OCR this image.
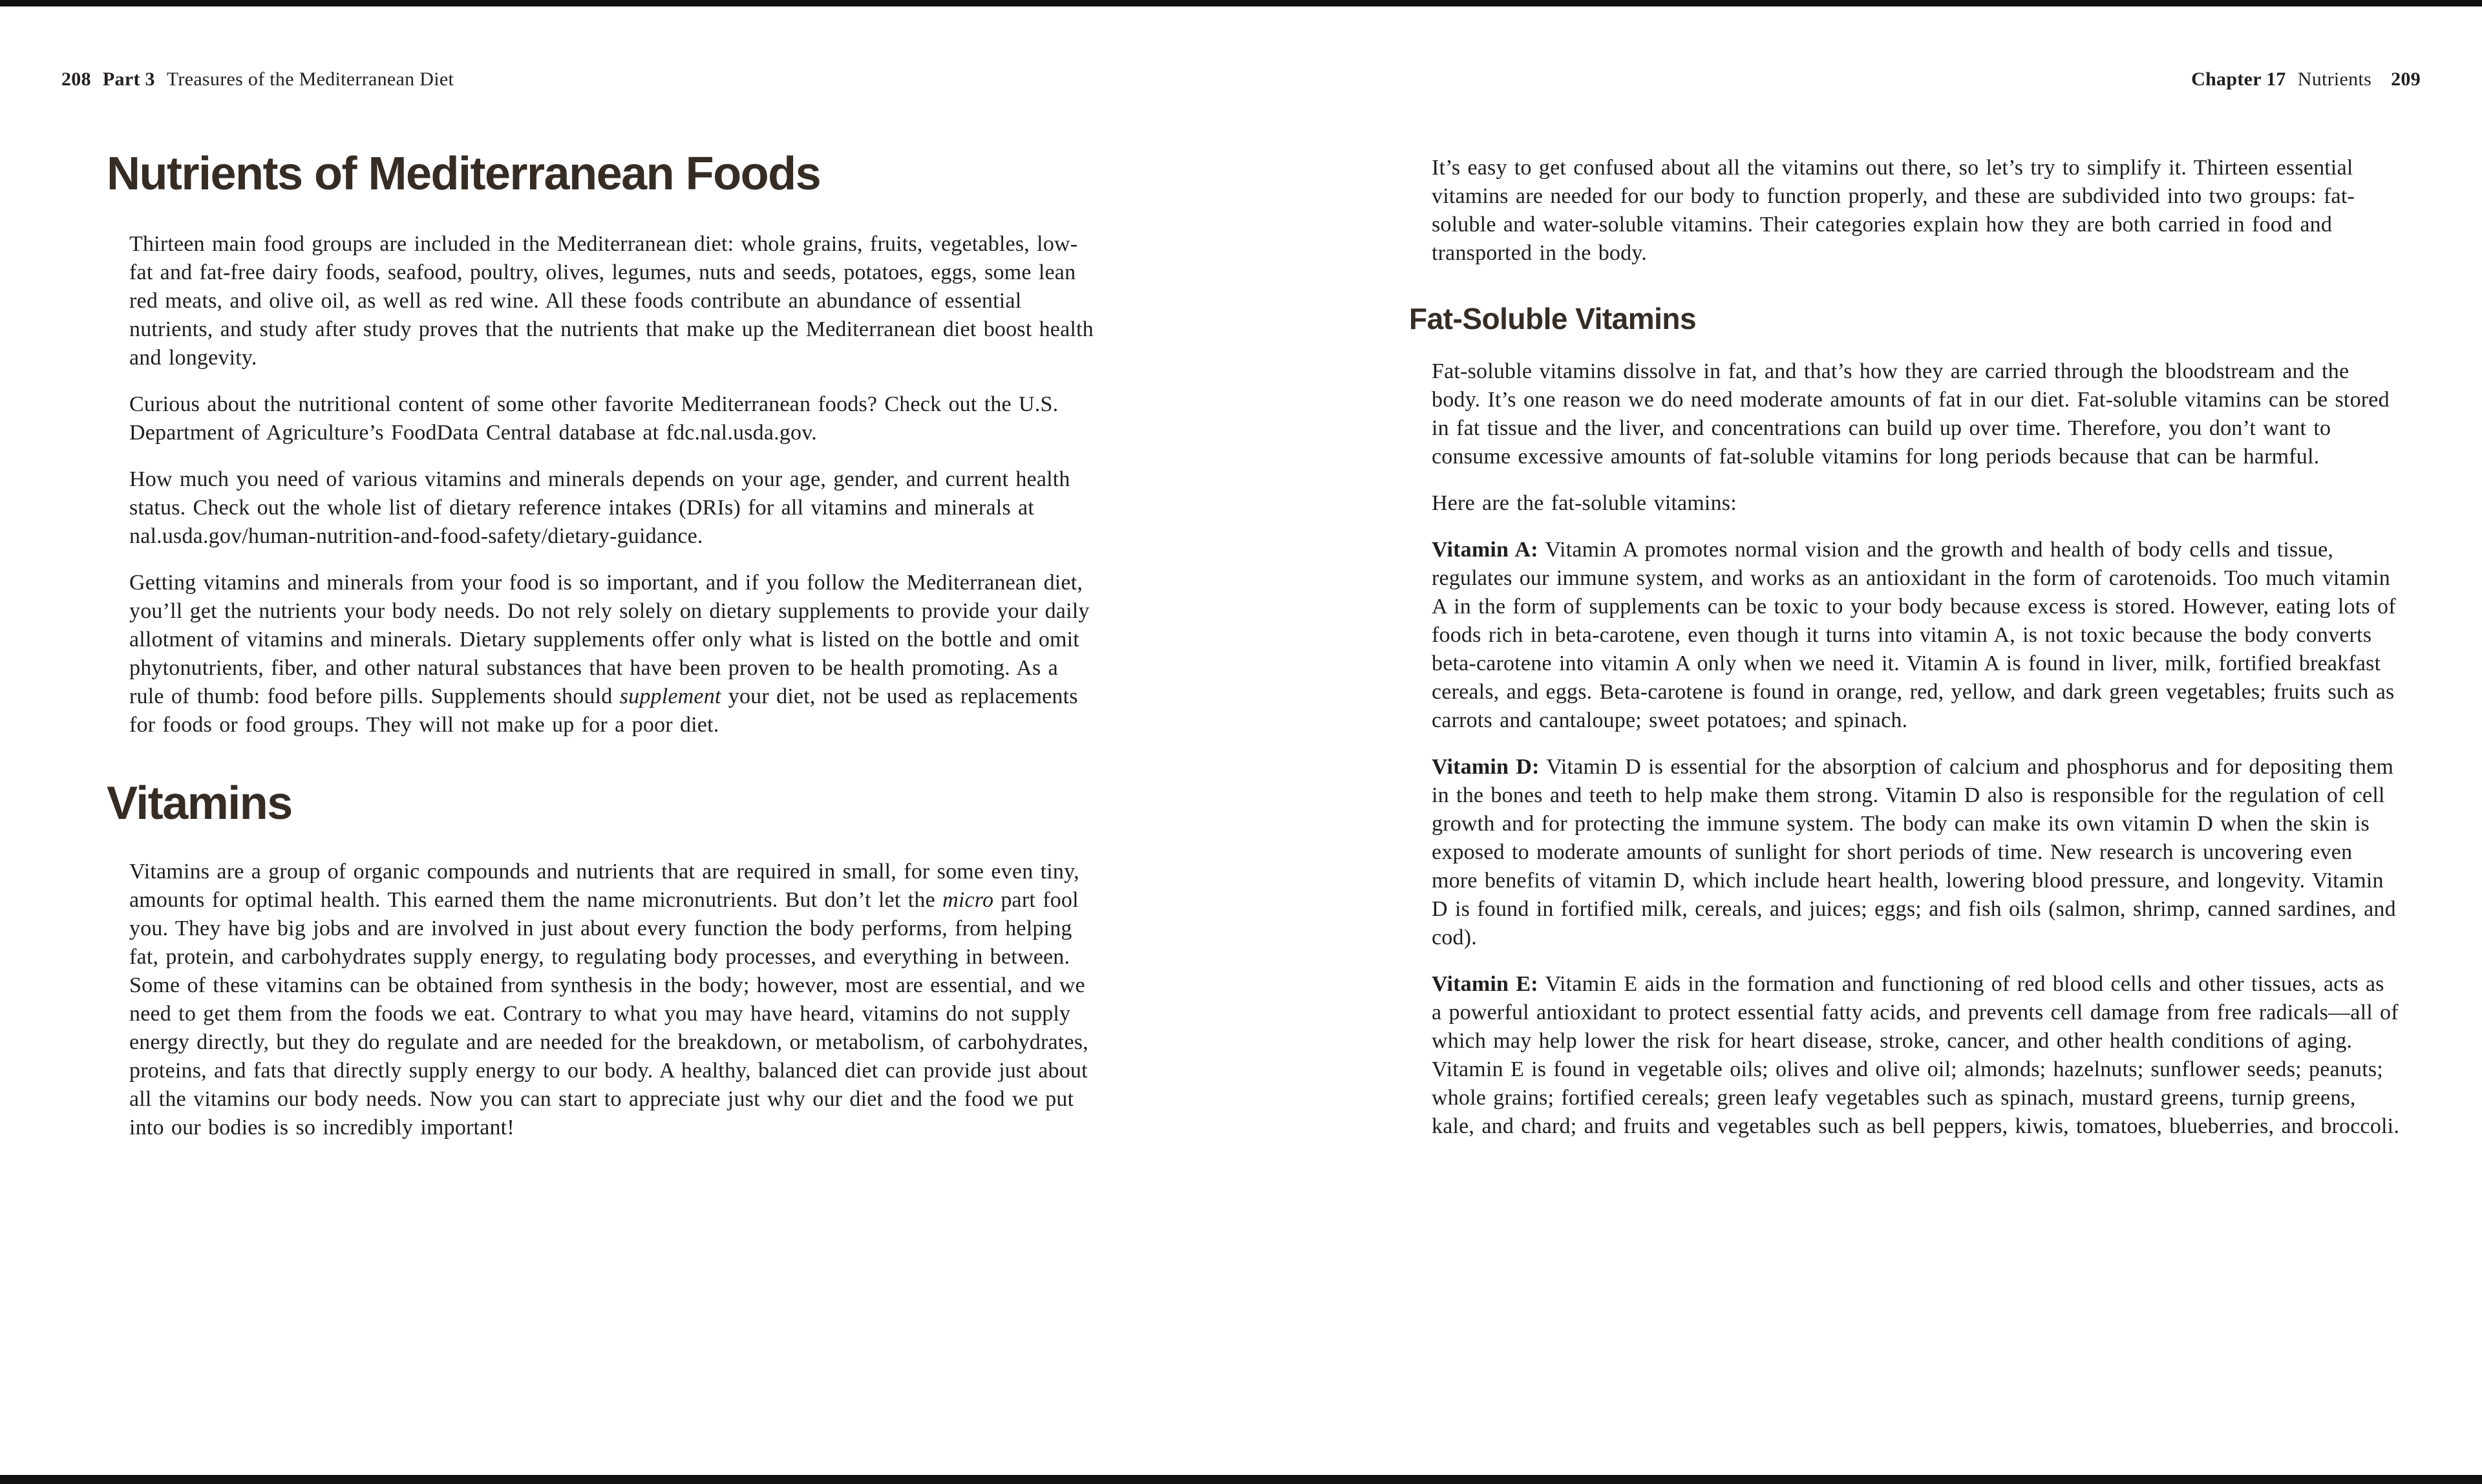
208 Part 3 Treasures of the Mediterranean Diet	Chapter 17 Nutrients 209
Nutrients of Mediterranean Foods

Thirteen main food groups are included in the Mediterranean diet: whole grains, fruits, vegetables, low-fat and fat-free dairy foods, seafood, poultry, olives, legumes, nuts and seeds, potatoes, eggs, some lean red meats, and olive oil, as well as red wine. All these foods contribute an abundance of essential nutrients, and study after study proves that the nutrients that make up the Mediterranean diet boost health and longevity.

Curious about the nutritional content of some other favorite Mediterranean foods? Check out the U.S. Department of Agriculture’s FoodData Central database at fdc.nal.usda.gov.

How much you need of various vitamins and minerals depends on your age, gender, and current health status. Check out the whole list of dietary reference intakes (DRIs) for all vitamins and minerals at nal.usda.gov/human-nutrition-and-food-safety/dietary-guidance.

Getting vitamins and minerals from your food is so important, and if you follow the Mediterranean diet, you’ll get the nutrients your body needs. Do not rely solely on dietary supplements to provide your daily allotment of vitamins and minerals. Dietary supplements offer only what is listed on the bottle and omit phytonutrients, fiber, and other natural substances that have been proven to be health promoting. As a rule of thumb: food before pills. Supplements should supplement your diet, not be used as replacements for foods or food groups. They will not make up for a poor diet.

Vitamins

Vitamins are a group of organic compounds and nutrients that are required in small, for some even tiny, amounts for optimal health. This earned them the name micronutrients. But don’t let the micro part fool you. They have big jobs and are involved in just about every function the body performs, from helping fat, protein, and carbohydrates supply energy, to regulating body processes, and everything in between. Some of these vitamins can be obtained from synthesis in the body; however, most are essential, and we need to get them from the foods we eat. Contrary to what you may have heard, vitamins do not supply energy directly, but they do regulate and are needed for the breakdown, or metabolism, of carbohydrates, proteins, and fats that directly supply energy to our body. A healthy, balanced diet can provide just about all the vitamins our body needs. Now you can start to appreciate just why our diet and the food we put into our bodies is so incredibly important!

It’s easy to get confused about all the vitamins out there, so let’s try to simplify it. Thirteen essential vitamins are needed for our body to function properly, and these are subdivided into two groups: fat-soluble and water-soluble vitamins. Their categories explain how they are both carried in food and transported in the body.

Fat-Soluble Vitamins

Fat-soluble vitamins dissolve in fat, and that’s how they are carried through the bloodstream and the body. It’s one reason we do need moderate amounts of fat in our diet. Fat-soluble vitamins can be stored in fat tissue and the liver, and concentrations can build up over time. Therefore, you don’t want to consume excessive amounts of fat-soluble vitamins for long periods because that can be harmful.

Here are the fat-soluble vitamins:

Vitamin A: Vitamin A promotes normal vision and the growth and health of body cells and tissue, regulates our immune system, and works as an antioxidant in the form of carotenoids. Too much vitamin A in the form of supplements can be toxic to your body because excess is stored. However, eating lots of foods rich in beta-carotene, even though it turns into vitamin A, is not toxic because the body converts beta-carotene into vitamin A only when we need it. Vitamin A is found in liver, milk, fortified breakfast cereals, and eggs. Beta-carotene is found in orange, red, yellow, and dark green vegetables; fruits such as carrots and cantaloupe; sweet potatoes; and spinach.

Vitamin D: Vitamin D is essential for the absorption of calcium and phosphorus and for depositing them in the bones and teeth to help make them strong. Vitamin D also is responsible for the regulation of cell growth and for protecting the immune system. The body can make its own vitamin D when the skin is exposed to moderate amounts of sunlight for short periods of time. New research is uncovering even more benefits of vitamin D, which include heart health, lowering blood pressure, and longevity. Vitamin D is found in fortified milk, cereals, and juices; eggs; and fish oils (salmon, shrimp, canned sardines, and cod).

Vitamin E: Vitamin E aids in the formation and functioning of red blood cells and other tissues, acts as a powerful antioxidant to protect essential fatty acids, and prevents cell damage from free radicals—all of which may help lower the risk for heart disease, stroke, cancer, and other health conditions of aging. Vitamin E is found in vegetable oils; olives and olive oil; almonds; hazelnuts; sunflower seeds; peanuts; whole grains; fortified cereals; green leafy vegetables such as spinach, mustard greens, turnip greens, kale, and chard; and fruits and vegetables such as bell peppers, kiwis, tomatoes, blueberries, and broccoli.
